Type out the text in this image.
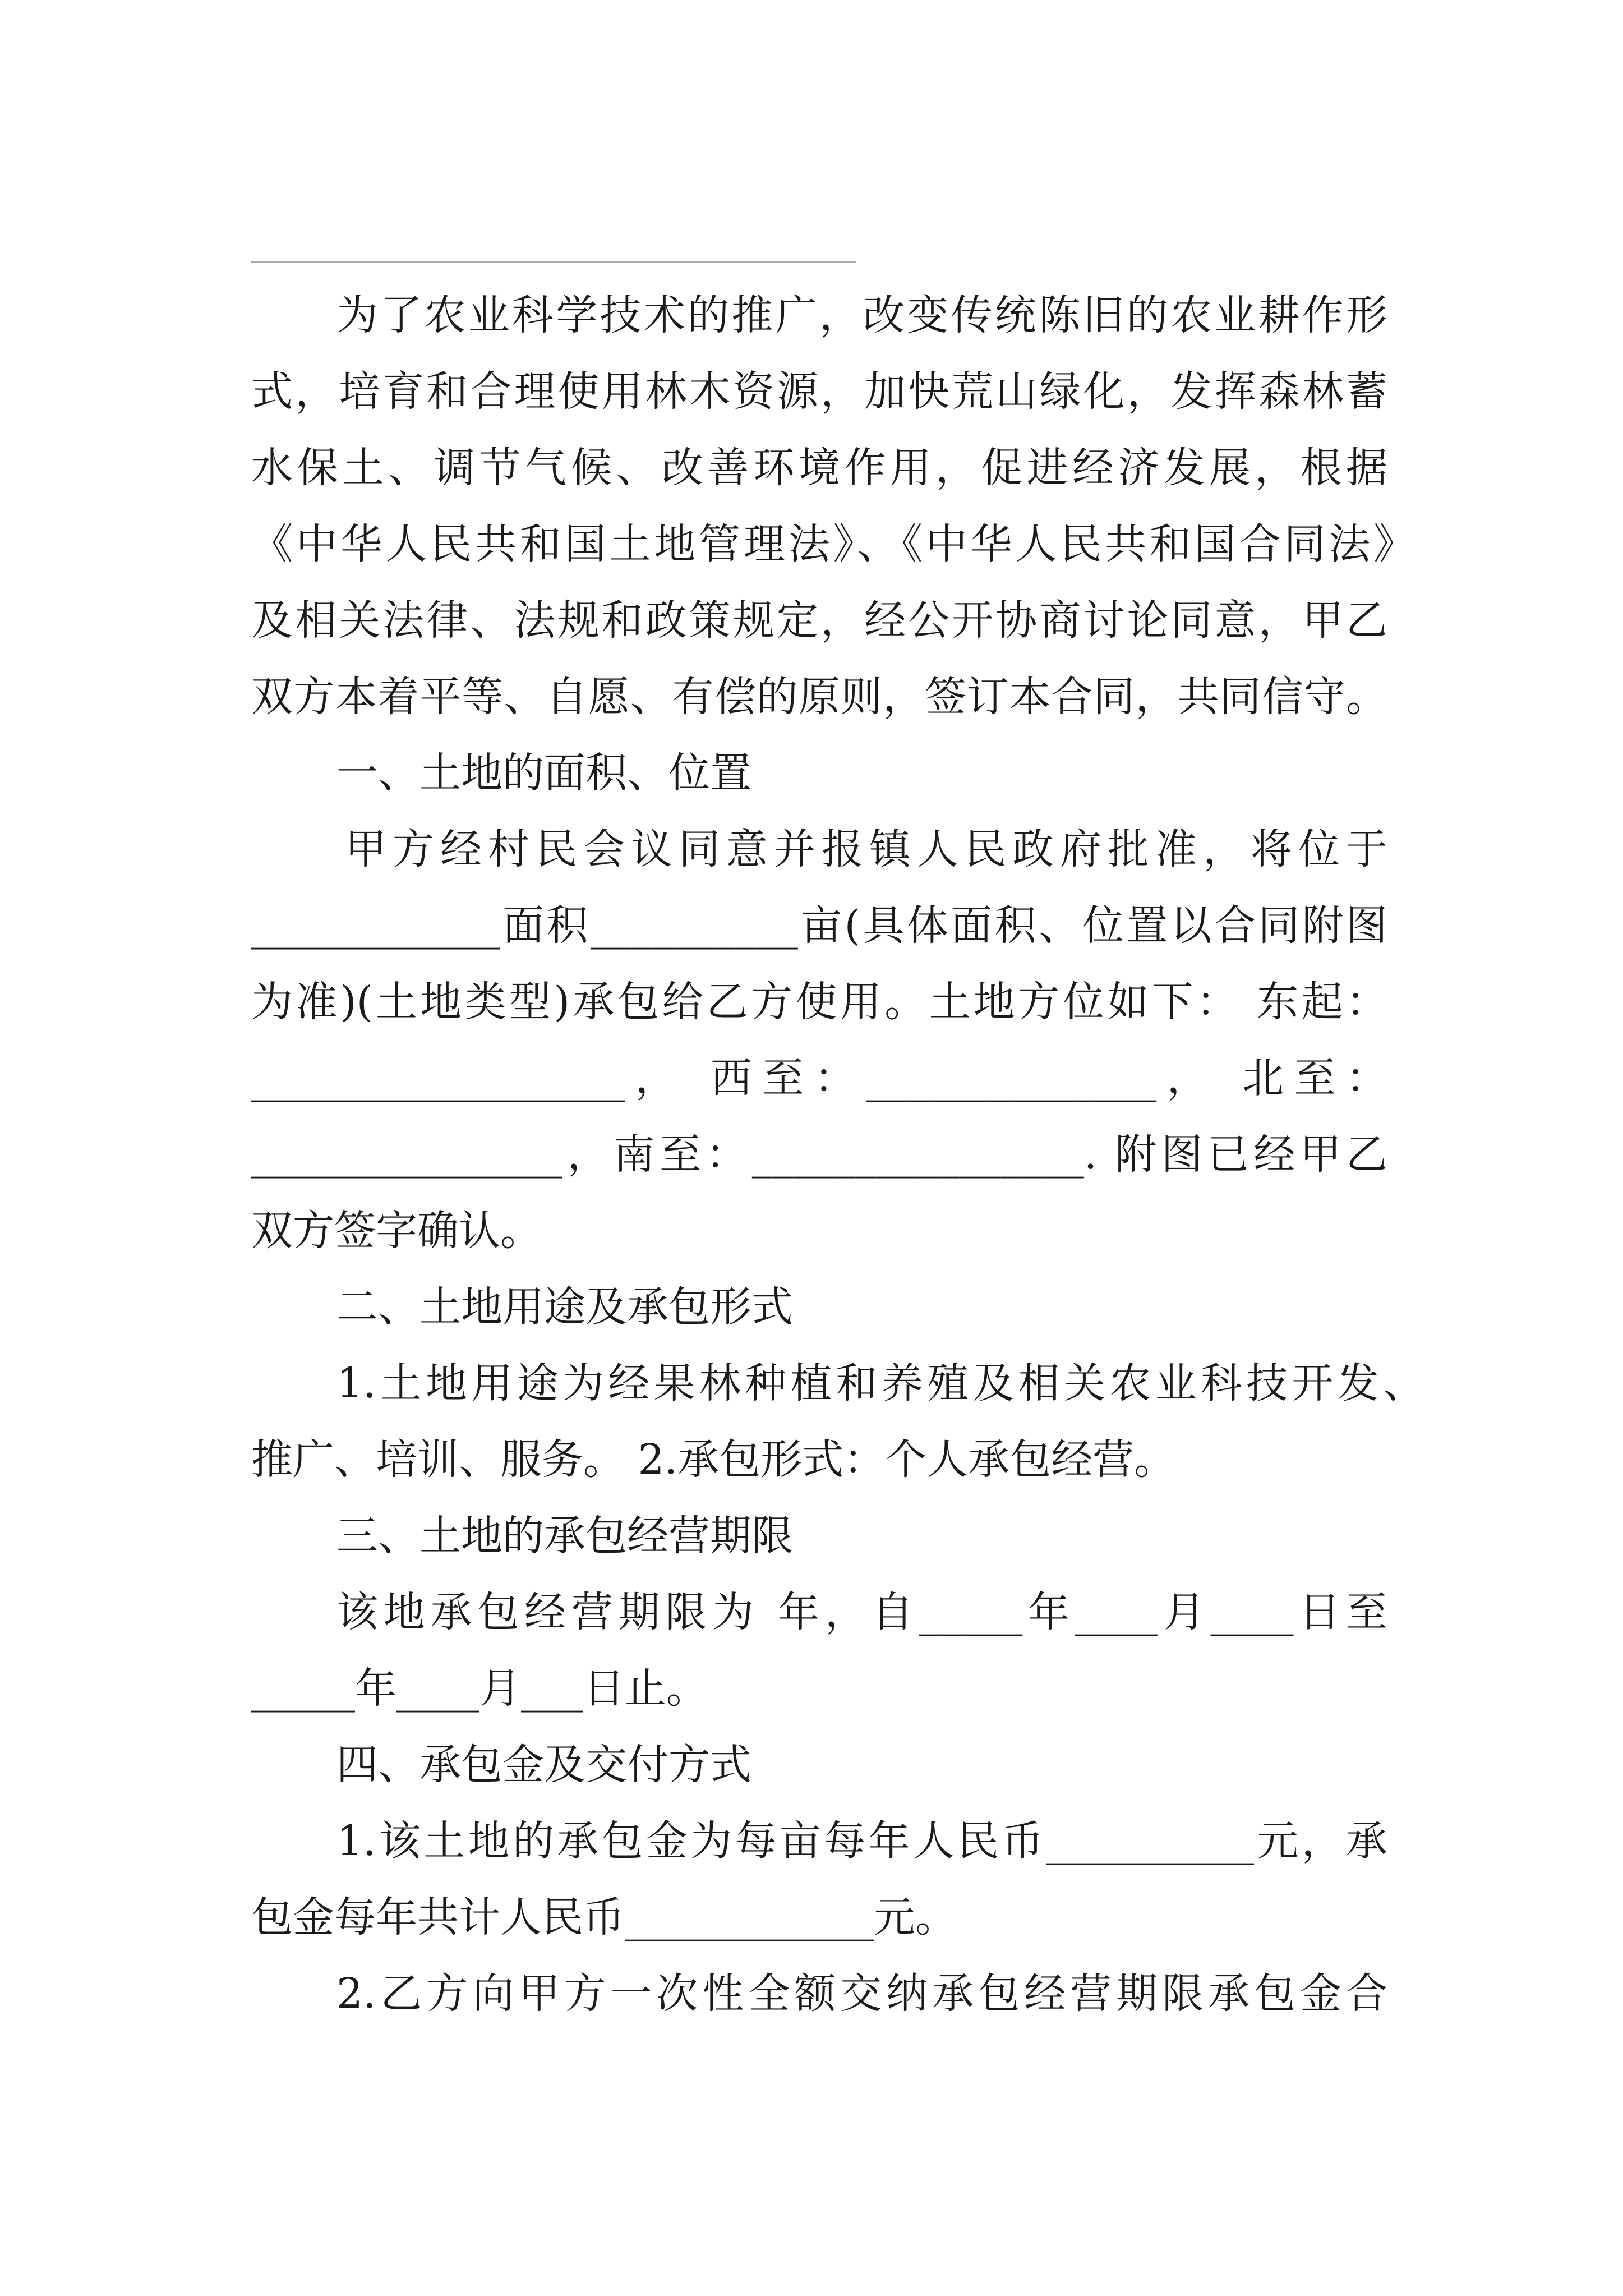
为了农业科学技术的推广，改变传统陈旧的农业耕作形

式，培育和合理使用林木资源，加快荒山绿化，发挥森林蓄

水保土、调节气候、改善环境作用，促进经济发展，根据

《中华人民共和国土地管理法》、《中华人民共和国合同法》

及相关法律、法规和政策规定，经公开协商讨论同意，甲乙

双方本着平等、自愿、有偿的原则，签订本合同，共同信守。

一、土地的面积、位置

甲方经村民会议同意并报镇人民政府批准，将位于

____________面积__________亩(具体面积、位置以合同附图

为准)(土地类型)承包给乙方使用。土地方位如下： 东起：

__________________， 西至：______________， 北至：

_______________，南至：________________. 附图已经甲乙

双方签字确认。

二、土地用途及承包形式

1.土地用途为经果林种植和养殖及相关农业科技开发、

推广、培训、服务。 2.承包形式：个人承包经营。

三、土地的承包经营期限

该地承包经营期限为 年，自_____年____月____日至

_____年____月___日止。

四、承包金及交付方式

1.该土地的承包金为每亩每年人民币__________元，承

包金每年共计人民币____________元。

2.乙方向甲方一次性全额交纳承包经营期限承包金合
